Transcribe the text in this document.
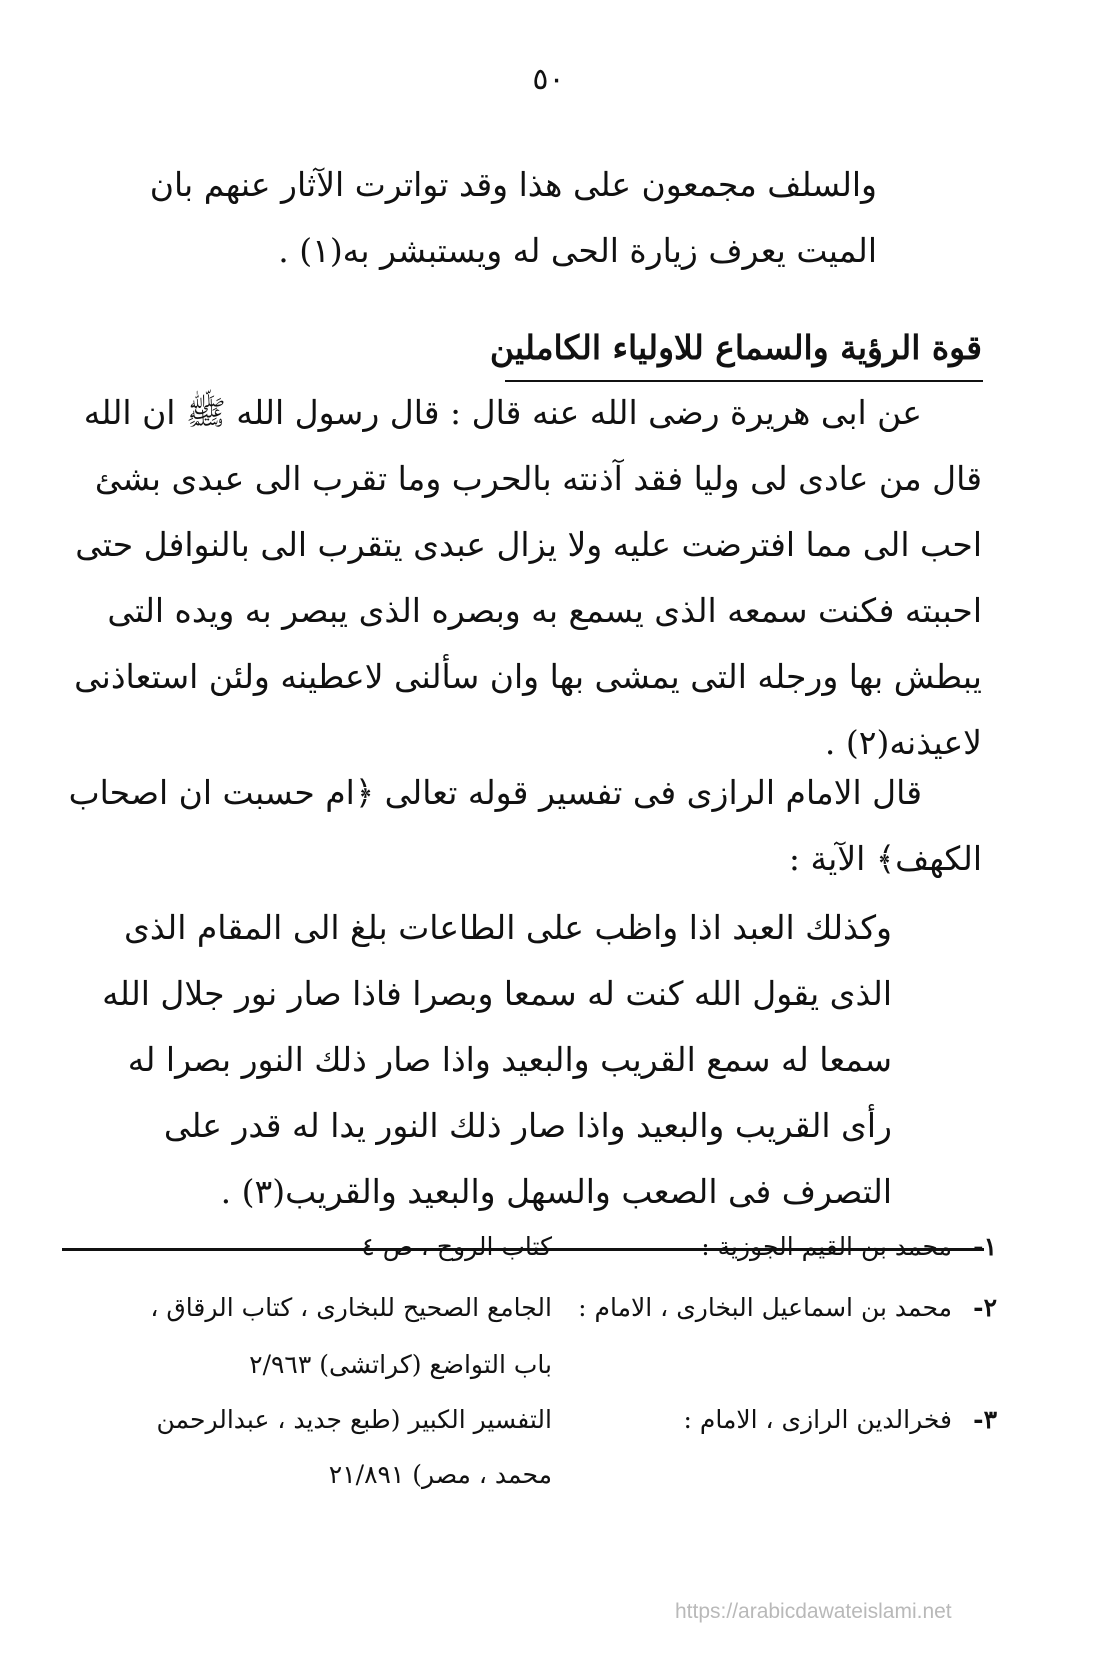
٥٠
والسلف مجمعون على هذا وقد تواترت الآثار عنهم بان
الميت يعرف زيارة الحى له ويستبشر به(١) .
قوة الرؤية والسماع للاولياء الكاملين
عن ابى هريرة رضى الله عنه قال : قال رسول الله ﷺ ان الله
قال من عادى لى وليا فقد آذنته بالحرب وما تقرب الى عبدى بشئ
احب الى مما افترضت عليه ولا يزال عبدى يتقرب الى بالنوافل حتى
احببته فكنت سمعه الذى يسمع به وبصره الذى يبصر به ويده التى
يبطش بها ورجله التى يمشى بها وان سألنى لاعطينه ولئن استعاذنى
لاعيذنه(٢) .
قال الامام الرازى فى تفسير قوله تعالى ﴿ام حسبت ان اصحاب
الكهف﴾ الآية :
وكذلك العبد اذا واظب على الطاعات بلغ الى المقام الذى
الذى يقول الله كنت له سمعا وبصرا فاذا صار نور جلال الله
سمعا له سمع القريب والبعيد واذا صار ذلك النور بصرا له
رأى القريب والبعيد واذا صار ذلك النور يدا له قدر على
التصرف فى الصعب والسهل والبعيد والقريب(٣) .
١-
محمد بن القيم الجوزية :
كتاب الروح ، ص ٤
٢-
محمد بن اسماعيل البخارى ، الامام :
الجامع الصحيح للبخارى ، كتاب الرقاق ،
باب التواضع (كراتشى) ٢/٩٦٣
٣-
فخرالدين الرازى ، الامام :
التفسير الكبير (طبع جديد ، عبدالرحمن
محمد ، مصر) ٢١/٨٩١
https://arabicdawateislami.net
